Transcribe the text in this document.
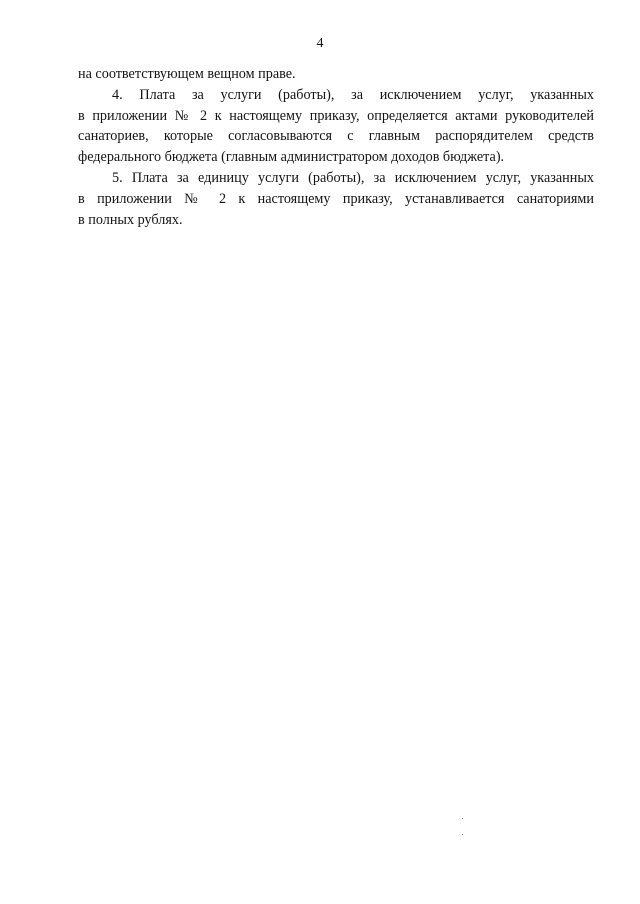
4
на соответствующем вещном праве.
4. Плата за услуги (работы), за исключением услуг, указанных
в приложении № 2 к настоящему приказу, определяется актами руководителей
санаториев, которые согласовываются с главным распорядителем средств
федерального бюджета (главным администратором доходов бюджета).
5. Плата за единицу услуги (работы), за исключением услуг, указанных
в приложении № 2 к настоящему приказу, устанавливается санаториями
в полных рублях.
